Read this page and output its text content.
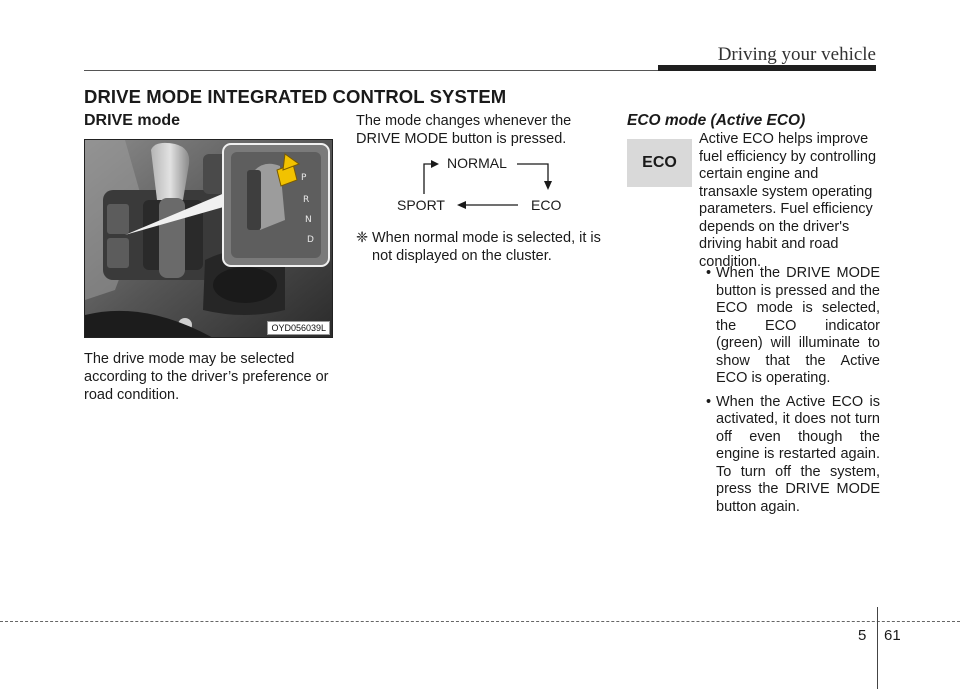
Driving your vehicle
DRIVE MODE INTEGRATED CONTROL SYSTEM
DRIVE mode
P
R
N
D
OYD056039L
The drive mode may be selected according to the driver’s preference or road condition.
The mode changes whenever the DRIVE MODE button is pressed.
NORMAL
SPORT	ECO
❈ When normal mode is selected, it is not displayed on the cluster.
ECO mode (Active ECO)
ECO
Active ECO helps improve fuel efficiency by controlling certain engine and transaxle system operating parameters. Fuel efficiency depends on the driver's driving habit and road condition.
• When the DRIVE MODE button is pressed and the ECO mode is selected, the ECO indicator (green) will illuminate to show that the Active ECO is operating.
• When the Active ECO is activated, it does not turn off even though the engine is restarted again. To turn off the system, press the DRIVE MODE button again.
5 61
